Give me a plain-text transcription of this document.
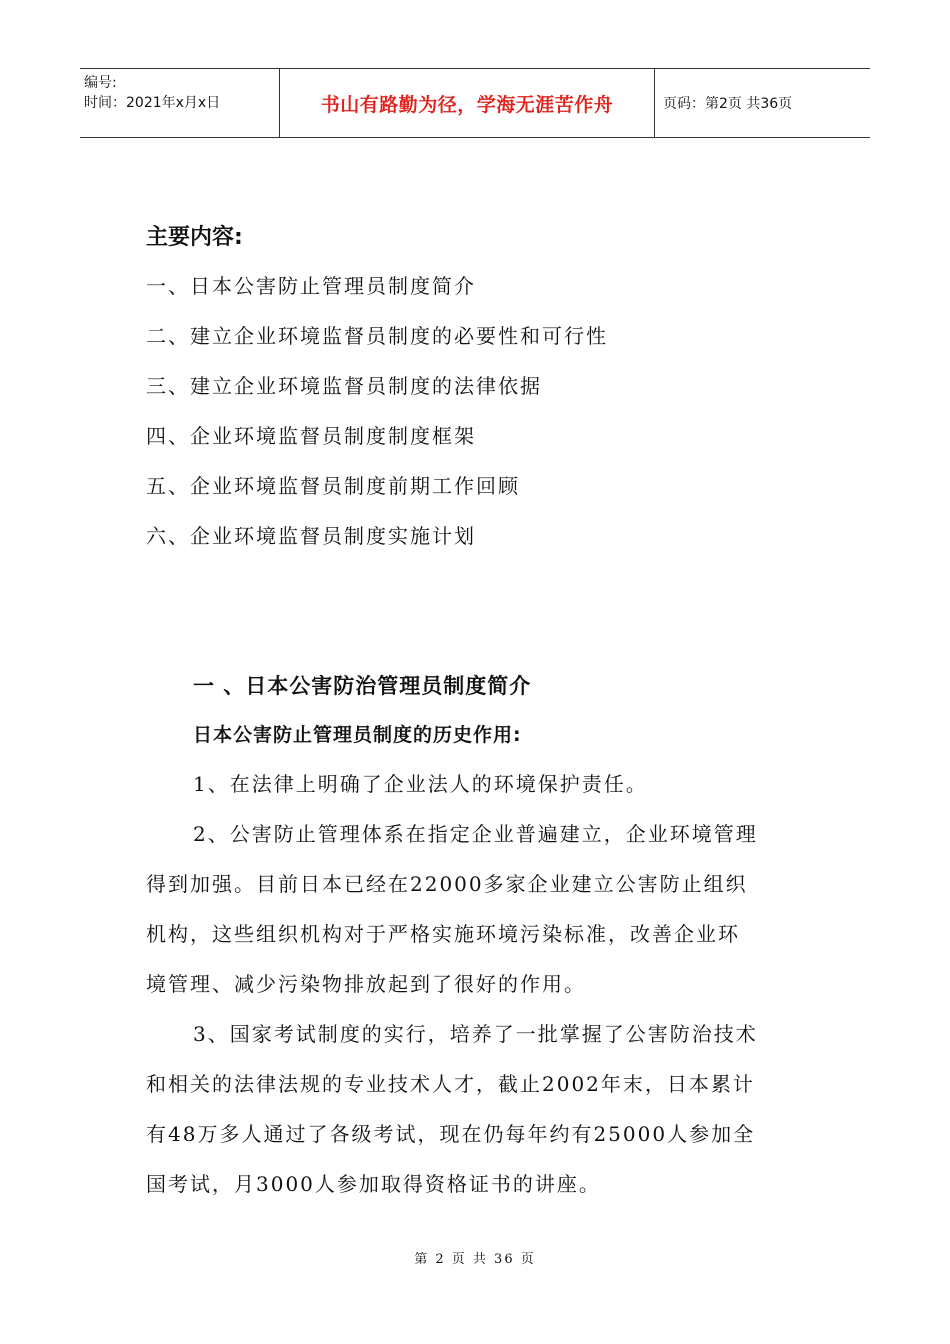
编号:
时间：2021年x月x日	书山有路勤为径，学海无涯苦作舟	页码：第2页 共36页
主要内容:
一、日本公害防止管理员制度简介
二、建立企业环境监督员制度的必要性和可行性
三、建立企业环境监督员制度的法律依据
四、企业环境监督员制度制度框架
五、企业环境监督员制度前期工作回顾
六、企业环境监督员制度实施计划
一 、日本公害防治管理员制度简介
日本公害防止管理员制度的历史作用:
1、在法律上明确了企业法人的环境保护责任。
2、公害防止管理体系在指定企业普遍建立，企业环境管理
得到加强。目前日本已经在22000多家企业建立公害防止组织
机构，这些组织机构对于严格实施环境污染标准，改善企业环
境管理、减少污染物排放起到了很好的作用。
3、国家考试制度的实行，培养了一批掌握了公害防治技术
和相关的法律法规的专业技术人才，截止2002年末，日本累计
有48万多人通过了各级考试，现在仍每年约有25000人参加全
国考试，月3000人参加取得资格证书的讲座。
第 2 页 共 36 页
